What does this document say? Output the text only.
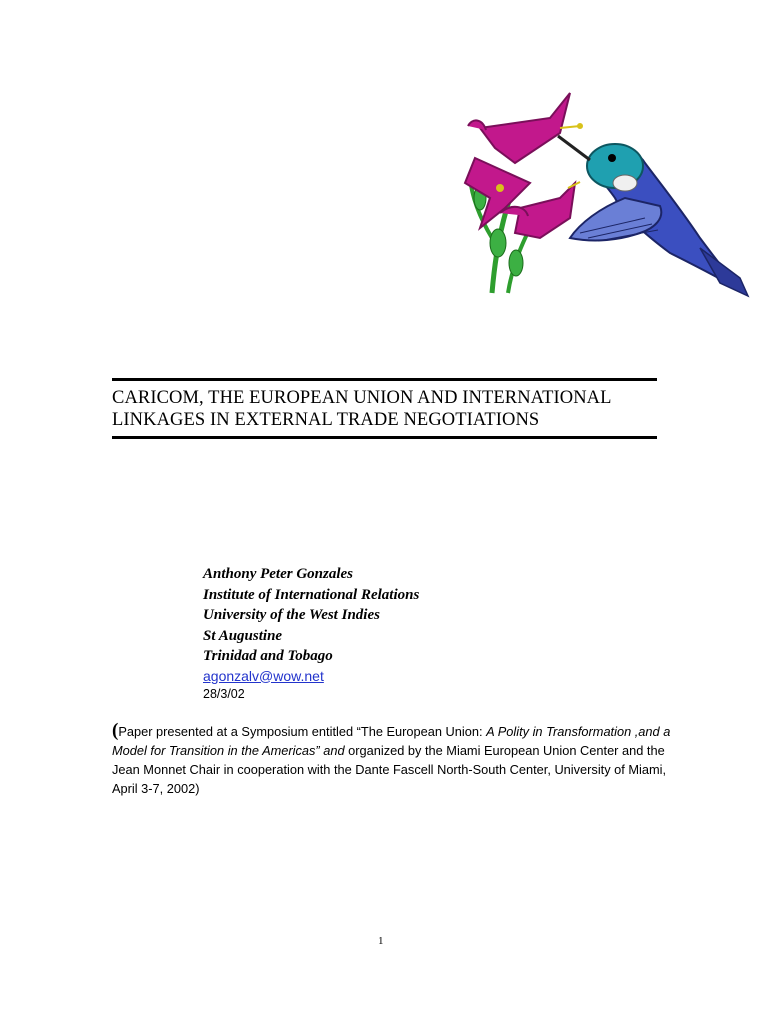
CARICOM, THE EUROPEAN UNION AND INTERNATIONAL
LINKAGES IN EXTERNAL TRADE NEGOTIATIONS
Anthony Peter Gonzales
Institute of International Relations
University of the West Indies
St Augustine
Trinidad and Tobago
agonzalv@wow.net
28/3/02
(Paper presented at a Symposium entitled “The European Union: A Polity in Transformation ,and a Model for Transition in the Americas” and organized by the Miami European Union Center and the Jean Monnet Chair in cooperation with the Dante Fascell North-South Center, University of Miami, April 3-7, 2002)
1
